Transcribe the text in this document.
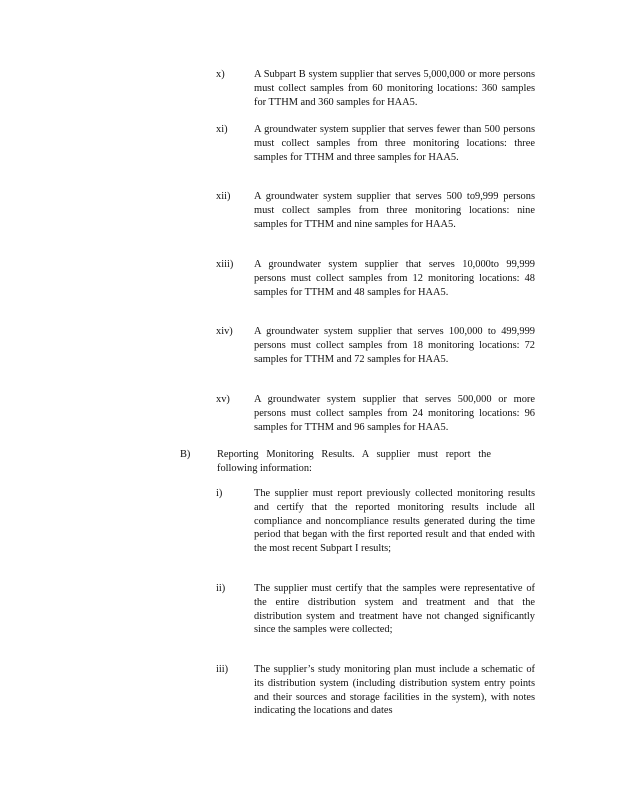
x)	A Subpart B system supplier that serves 5,000,000 or more persons must collect samples from 60 monitoring locations: 360 samples for TTHM and 360 samples for HAA5.
xi)	A groundwater system supplier that serves fewer than 500 persons must collect samples from three monitoring locations: three samples for TTHM and three samples for HAA5.
xii) A groundwater system supplier that serves 500 to9,999 persons must collect samples from three monitoring locations: nine samples for TTHM and nine samples for HAA5.
xiii) A groundwater system supplier that serves 10,000to 99,999 persons must collect samples from 12 monitoring locations: 48 samples for TTHM and 48 samples for HAA5.
xiv) A groundwater system supplier that serves 100,000 to 499,999 persons must collect samples from 18 monitoring locations: 72 samples for TTHM and 72 samples for HAA5.
xv) A groundwater system supplier that serves 500,000 or more persons must collect samples from 24 monitoring locations: 96 samples for TTHM and 96 samples for HAA5.
B)	Reporting Monitoring Results. A supplier must report the following information:
i)	The supplier must report previously collected monitoring results and certify that the reported monitoring results include all compliance and noncompliance results generated during the time period that began with the first reported result and that ended with the most recent Subpart I results;
ii)	The supplier must certify that the samples were representative of the entire distribution system and treatment and that the distribution system and treatment have not changed significantly since the samples were collected;
iii) The supplier’s study monitoring plan must include a schematic of its distribution system (including distribution system entry points and their sources and storage facilities in the system), with notes indicating the locations and dates
